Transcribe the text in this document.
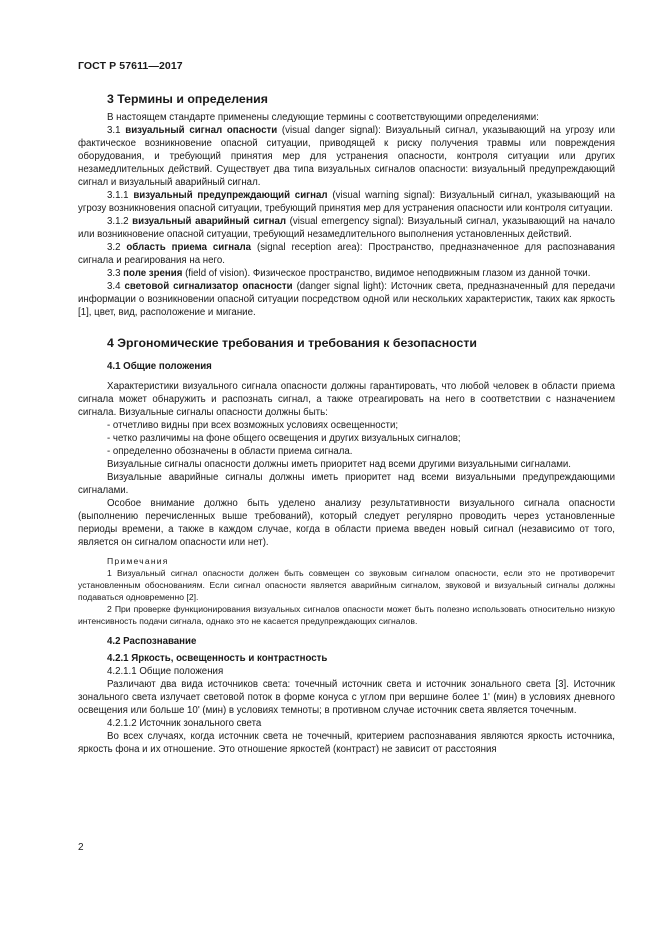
ГОСТ Р 57611—2017
3 Термины и определения

В настоящем стандарте применены следующие термины с соответствующими определениями:

3.1 визуальный сигнал опасности (visual danger signal): Визуальный сигнал, указывающий на угрозу или фактическое возникновение опасной ситуации, приводящей к риску получения травмы или повреждения оборудования, и требующий принятия мер для устранения опасности, контроля ситуации или других незамедлительных действий. Существует два типа визуальных сигналов опасности: визуальный предупреждающий сигнал и визуальный аварийный сигнал.

3.1.1 визуальный предупреждающий сигнал (visual warning signal): Визуальный сигнал, указывающий на угрозу возникновения опасной ситуации, требующий принятия мер для устранения опасности или контроля ситуации.

3.1.2 визуальный аварийный сигнал (visual emergency signal): Визуальный сигнал, указывающий на начало или возникновение опасной ситуации, требующий незамедлительного выполнения установленных действий.

3.2 область приема сигнала (signal reception area): Пространство, предназначенное для распознавания сигнала и реагирования на него.

3.3 поле зрения (field of vision). Физическое пространство, видимое неподвижным глазом из данной точки.

3.4 световой сигнализатор опасности (danger signal light): Источник света, предназначенный для передачи информации о возникновении опасной ситуации посредством одной или нескольких характеристик, таких как яркость [1], цвет, вид, расположение и мигание.

4 Эргономические требования и требования к безопасности
4.1 Общие положения

Характеристики визуального сигнала опасности должны гарантировать, что любой человек в области приема сигнала может обнаружить и распознать сигнал, а также отреагировать на него в соответствии с назначением сигнала. Визуальные сигналы опасности должны быть:

- отчетливо видны при всех возможных условиях освещенности;
- четко различимы на фоне общего освещения и других визуальных сигналов;
- определенно обозначены в области приема сигнала.

Визуальные сигналы опасности должны иметь приоритет над всеми другими визуальными сигналами.

Визуальные аварийные сигналы должны иметь приоритет над всеми визуальными предупреждающими сигналами.

Особое внимание должно быть уделено анализу результативности визуального сигнала опасности (выполнению перечисленных выше требований), который следует регулярно проводить через установленные периоды времени, а также в каждом случае, когда в области приема введен новый сигнал (независимо от того, является он сигналом опасности или нет).

Примечания

1 Визуальный сигнал опасности должен быть совмещен со звуковым сигналом опасности, если это не противоречит установленным обоснованиям. Если сигнал опасности является аварийным сигналом, звуковой и визуальный сигналы должны подаваться одновременно [2].

2 При проверке функционирования визуальных сигналов опасности может быть полезно использовать относительно низкую интенсивность подачи сигнала, однако это не касается предупреждающих сигналов.

4.2 Распознавание
4.2.1 Яркость, освещенность и контрастность
4.2.1.1 Общие положения

Различают два вида источников света: точечный источник света и источник зонального света [3]. Источник зонального света излучает световой поток в форме конуса с углом при вершине более 1' (мин) в условиях дневного освещения или больше 10' (мин) в условиях темноты; в противном случае источник света является точечным.

4.2.1.2 Источник зонального света

Во всех случаях, когда источник света не точечный, критерием распознавания являются яркость источника, яркость фона и их отношение. Это отношение яркостей (контраст) не зависит от расстояния

2
